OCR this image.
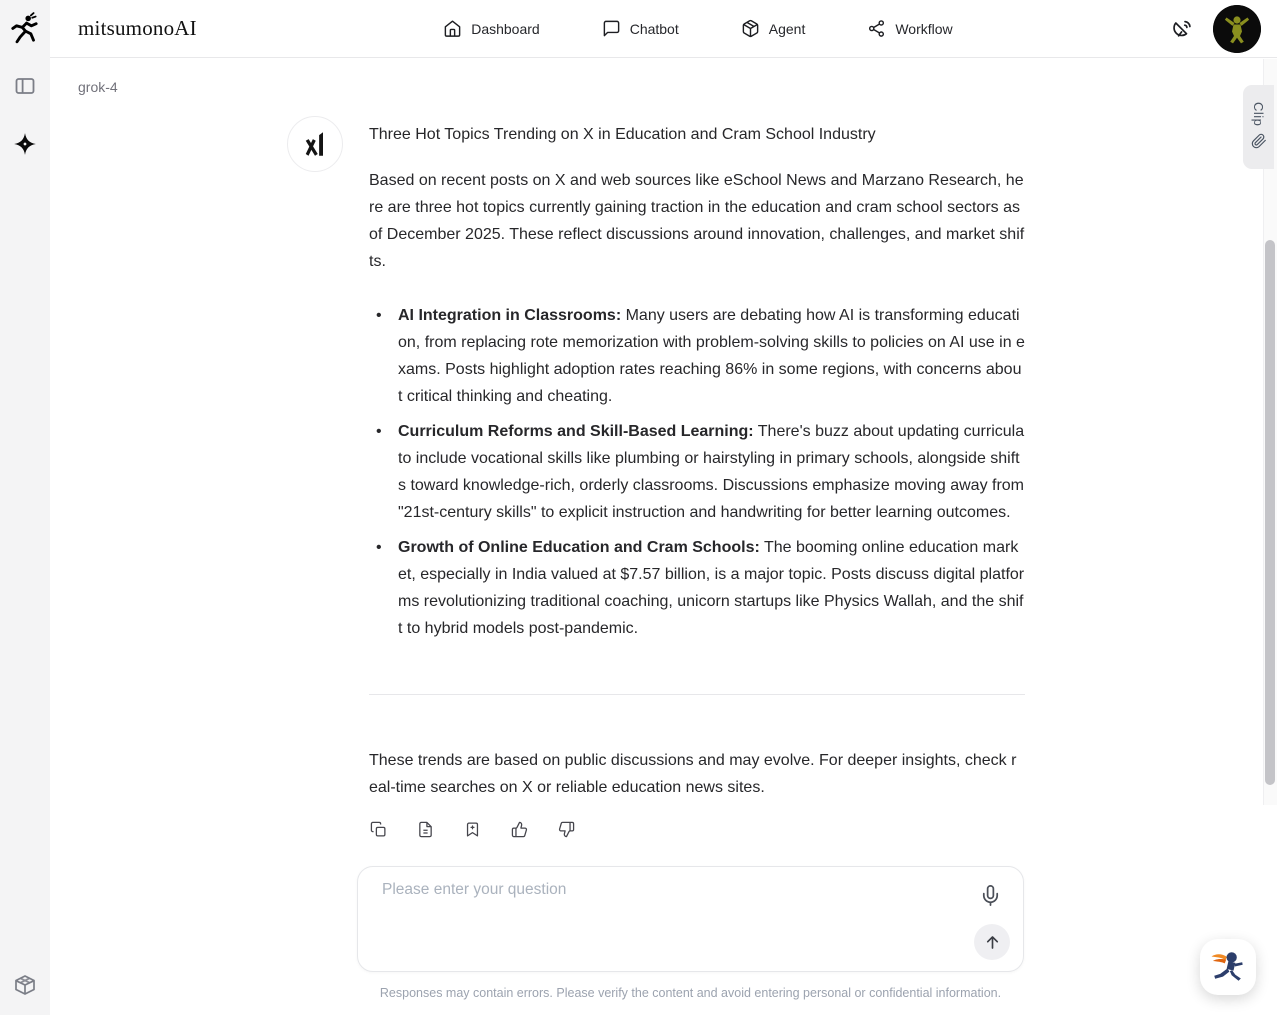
mitsumonoAI	Dashboard	Chatbot	Agent	Workflow
grok-4
Three Hot Topics Trending on X in Education and Cram School Industry

Based on recent posts on X and web sources like eSchool News and Marzano Research, here are three hot topics currently gaining traction in the education and cram school sectors as of December 2025. These reflect discussions around innovation, challenges, and market shifts.

• AI Integration in Classrooms: Many users are debating how AI is transforming education, from replacing rote memorization with problem-solving skills to policies on AI use in exams. Posts highlight adoption rates reaching 86% in some regions, with concerns about critical thinking and cheating.
• Curriculum Reforms and Skill-Based Learning: There's buzz about updating curricula to include vocational skills like plumbing or hairstyling in primary schools, alongside shifts toward knowledge-rich, orderly classrooms. Discussions emphasize moving away from "21st-century skills" to explicit instruction and handwriting for better learning outcomes.
• Growth of Online Education and Cram Schools: The booming online education market, especially in India valued at $7.57 billion, is a major topic. Posts discuss digital platforms revolutionizing traditional coaching, unicorn startups like Physics Wallah, and the shift to hybrid models post-pandemic.

These trends are based on public discussions and may evolve. For deeper insights, check real-time searches on X or reliable education news sites.

Please enter your question
Responses may contain errors. Please verify the content and avoid entering personal or confidential information.
Clip
